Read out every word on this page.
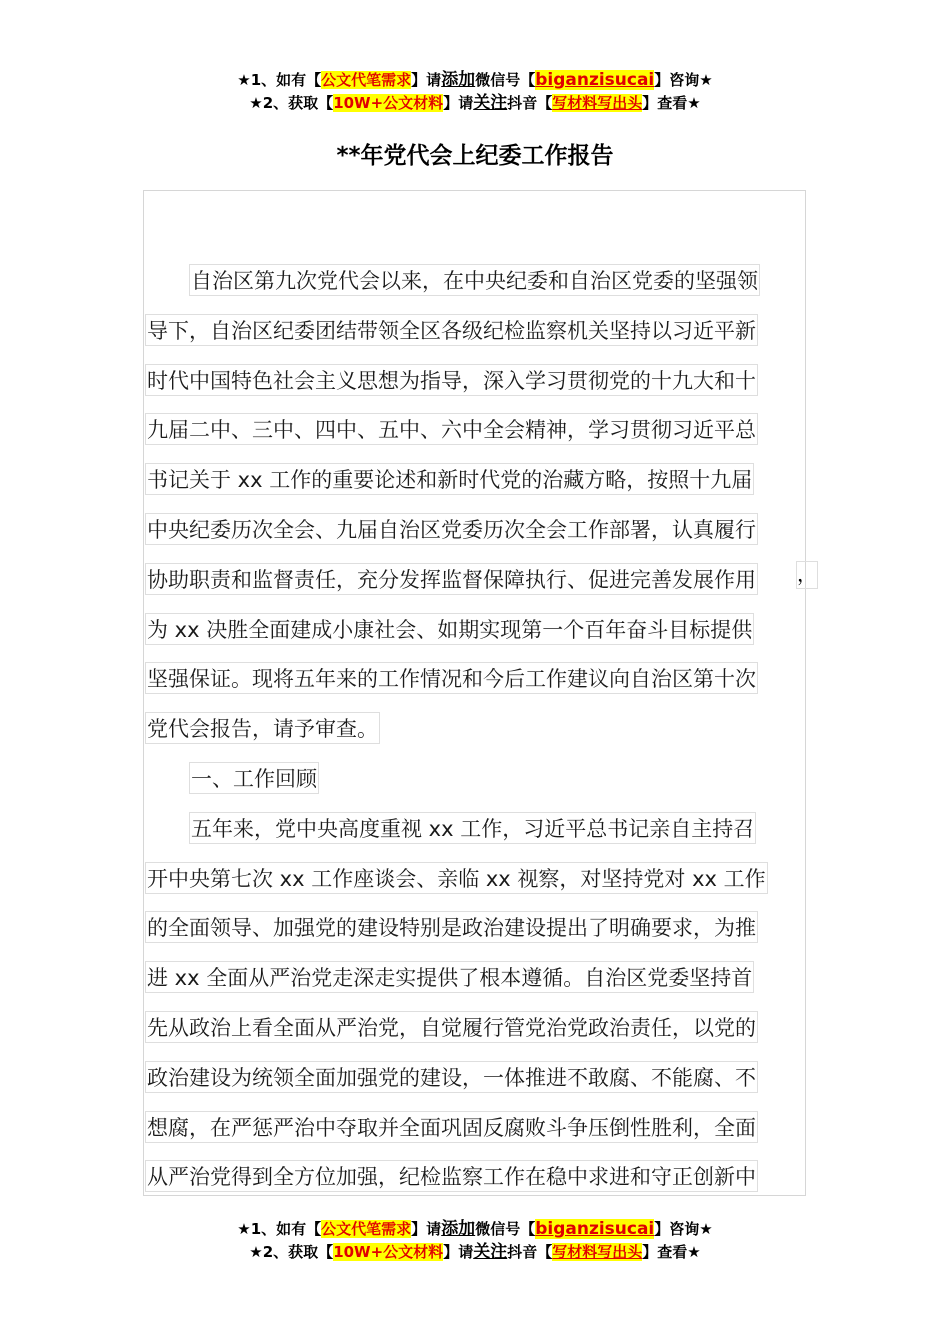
★1、如有【公文代笔需求】请添加微信号【biganzisucai】咨询★
★2、获取【10W+公文材料】请关注抖音【写材料写出头】查看★
**年党代会上纪委工作报告
自治区第九次党代会以来，在中央纪委和自治区党委的坚强领
导下，自治区纪委团结带领全区各级纪检监察机关坚持以习近平新
时代中国特色社会主义思想为指导，深入学习贯彻党的十九大和十
九届二中、三中、四中、五中、六中全会精神，学习贯彻习近平总
书记关于 xx 工作的重要论述和新时代党的治藏方略，按照十九届
中央纪委历次全会、九届自治区党委历次全会工作部署，认真履行
协助职责和监督责任，充分发挥监督保障执行、促进完善发展作用
为 xx 决胜全面建成小康社会、如期实现第一个百年奋斗目标提供
坚强保证。现将五年来的工作情况和今后工作建议向自治区第十次
党代会报告，请予审查。
一、工作回顾
五年来，党中央高度重视 xx 工作，习近平总书记亲自主持召
开中央第七次 xx 工作座谈会、亲临 xx 视察，对坚持党对 xx 工作
的全面领导、加强党的建设特别是政治建设提出了明确要求，为推
进 xx 全面从严治党走深走实提供了根本遵循。自治区党委坚持首
先从政治上看全面从严治党，自觉履行管党治党政治责任，以党的
政治建设为统领全面加强党的建设，一体推进不敢腐、不能腐、不
想腐，在严惩严治中夺取并全面巩固反腐败斗争压倒性胜利，全面
从严治党得到全方位加强，纪检监察工作在稳中求进和守正创新中
，
★1、如有【公文代笔需求】请添加微信号【biganzisucai】咨询★
★2、获取【10W+公文材料】请关注抖音【写材料写出头】查看★
